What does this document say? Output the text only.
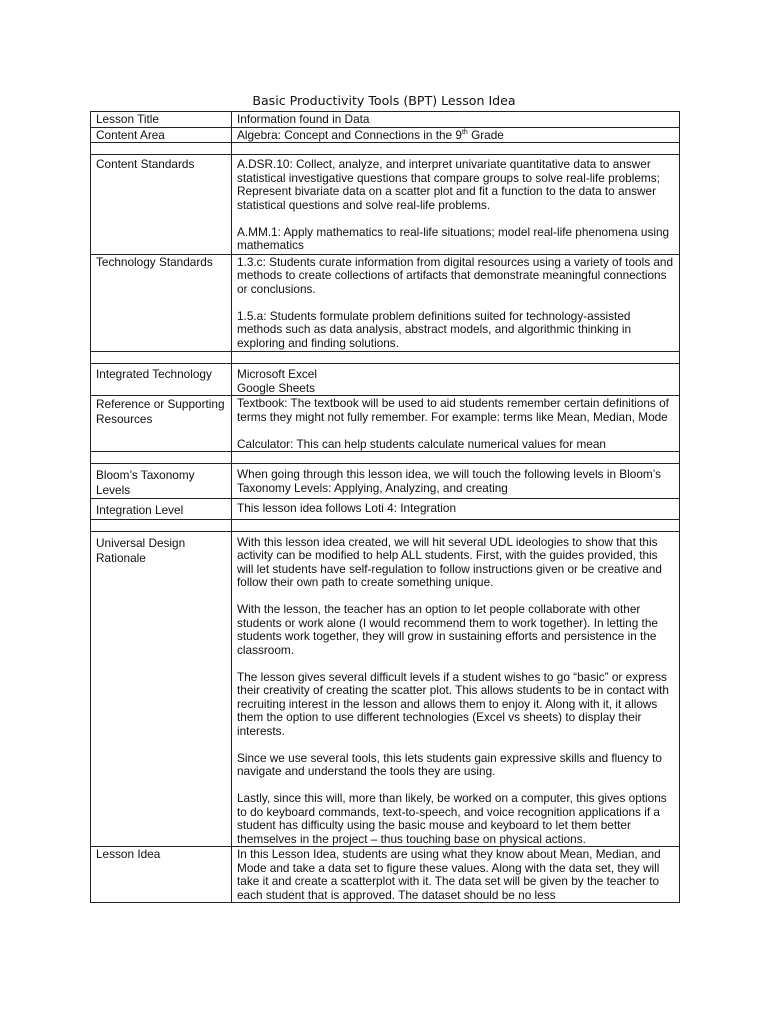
Basic Productivity Tools (BPT) Lesson Idea
Lesson Title	Information found in Data
Content Area	Algebra: Concept and Connections in the 9th Grade

Content Standards	A.DSR.10: Collect, analyze, and interpret univariate quantitative data to answer statistical investigative questions that compare groups to solve real-life problems; Represent bivariate data on a scatter plot and fit a function to the data to answer statistical questions and solve real-life problems.

A.MM.1: Apply mathematics to real-life situations; model real-life phenomena using mathematics

Technology Standards	1.3.c: Students curate information from digital resources using a variety of tools and methods to create collections of artifacts that demonstrate meaningful connections or conclusions.

1.5.a: Students formulate problem definitions suited for technology-assisted methods such as data analysis, abstract models, and algorithmic thinking in exploring and finding solutions.

Integrated Technology	Microsoft Excel
Google Sheets

Reference or Supporting Resources	Textbook: The textbook will be used to aid students remember certain definitions of terms they might not fully remember. For example: terms like Mean, Median, Mode

Calculator: This can help students calculate numerical values for mean

Bloom’s Taxonomy Levels	When going through this lesson idea, we will touch the following levels in Bloom’s Taxonomy Levels: Applying, Analyzing, and creating
Integration Level	This lesson idea follows Loti 4: Integration

Universal Design Rationale	With this lesson idea created, we will hit several UDL ideologies to show that this activity can be modified to help ALL students. First, with the guides provided, this will let students have self-regulation to follow instructions given or be creative and follow their own path to create something unique.

With the lesson, the teacher has an option to let people collaborate with other students or work alone (I would recommend them to work together). In letting the students work together, they will grow in sustaining efforts and persistence in the classroom.

The lesson gives several difficult levels if a student wishes to go “basic” or express their creativity of creating the scatter plot. This allows students to be in contact with recruiting interest in the lesson and allows them to enjoy it. Along with it, it allows them the option to use different technologies (Excel vs sheets) to display their interests.

Since we use several tools, this lets students gain expressive skills and fluency to navigate and understand the tools they are using.

Lastly, since this will, more than likely, be worked on a computer, this gives options to do keyboard commands, text-to-speech, and voice recognition applications if a student has difficulty using the basic mouse and keyboard to let them better themselves in the project – thus touching base on physical actions.

Lesson Idea	In this Lesson Idea, students are using what they know about Mean, Median, and Mode and take a data set to figure these values. Along with the data set, they will take it and create a scatterplot with it. The data set will be given by the teacher to each student that is approved. The dataset should be no less
